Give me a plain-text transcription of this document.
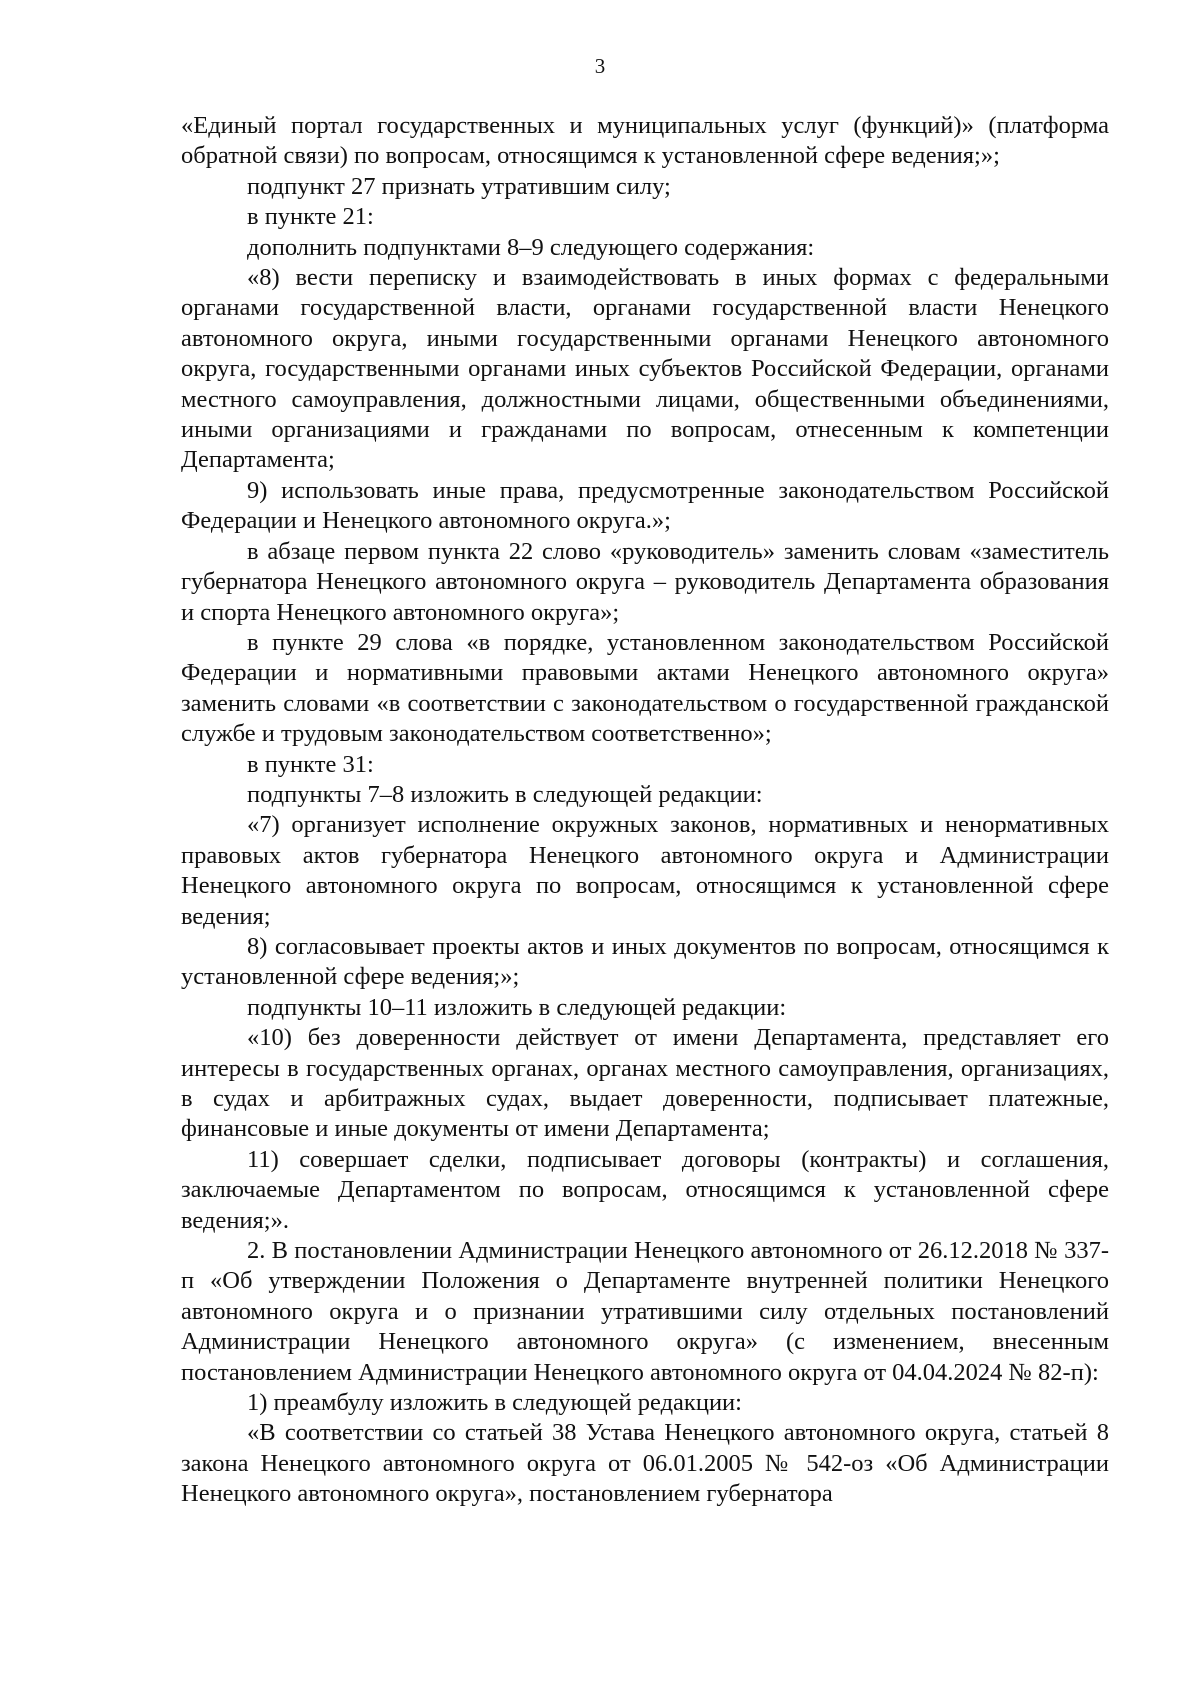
3

«Единый портал государственных и муниципальных услуг (функций)» (платформа обратной связи) по вопросам, относящимся к установленной сфере ведения;»;

подпункт 27 признать утратившим силу;

в пункте 21:

дополнить подпунктами 8–9 следующего содержания:

«8) вести переписку и взаимодействовать в иных формах с федеральными органами государственной власти, органами государственной власти Ненецкого автономного округа, иными государственными органами Ненецкого автономного округа, государственными органами иных субъектов Российской Федерации, органами местного самоуправления, должностными лицами, общественными объединениями, иными организациями и гражданами по вопросам, отнесенным к компетенции Департамента;

9) использовать иные права, предусмотренные законодательством Российской Федерации и Ненецкого автономного округа.»;

в абзаце первом пункта 22 слово «руководитель» заменить словам «заместитель губернатора Ненецкого автономного округа – руководитель Департамента образования и спорта Ненецкого автономного округа»;

в пункте 29 слова «в порядке, установленном законодательством Российской Федерации и нормативными правовыми актами Ненецкого автономного округа» заменить словами «в соответствии с законодательством о государственной гражданской службе и трудовым законодательством соответственно»;

в пункте 31:

подпункты 7–8 изложить в следующей редакции:

«7) организует исполнение окружных законов, нормативных и ненормативных правовых актов губернатора Ненецкого автономного округа и Администрации Ненецкого автономного округа по вопросам, относящимся к установленной сфере ведения;

8) согласовывает проекты актов и иных документов по вопросам, относящимся к установленной сфере ведения;»;

подпункты 10–11 изложить в следующей редакции:

«10) без доверенности действует от имени Департамента, представляет его интересы в государственных органах, органах местного самоуправления, организациях, в судах и арбитражных судах, выдает доверенности, подписывает платежные, финансовые и иные документы от имени Департамента;

11) совершает сделки, подписывает договоры (контракты) и соглашения, заключаемые Департаментом по вопросам, относящимся к установленной сфере ведения;».

2. В постановлении Администрации Ненецкого автономного от 26.12.2018 № 337-п «Об утверждении Положения о Департаменте внутренней политики Ненецкого автономного округа и о признании утратившими силу отдельных постановлений Администрации Ненецкого автономного округа» (с изменением, внесенным постановлением Администрации Ненецкого автономного округа от 04.04.2024 № 82-п):

1) преамбулу изложить в следующей редакции:

«В соответствии со статьей 38 Устава Ненецкого автономного округа, статьей 8 закона Ненецкого автономного округа от 06.01.2005 № 542-оз «Об Администрации Ненецкого автономного округа», постановлением губернатора
